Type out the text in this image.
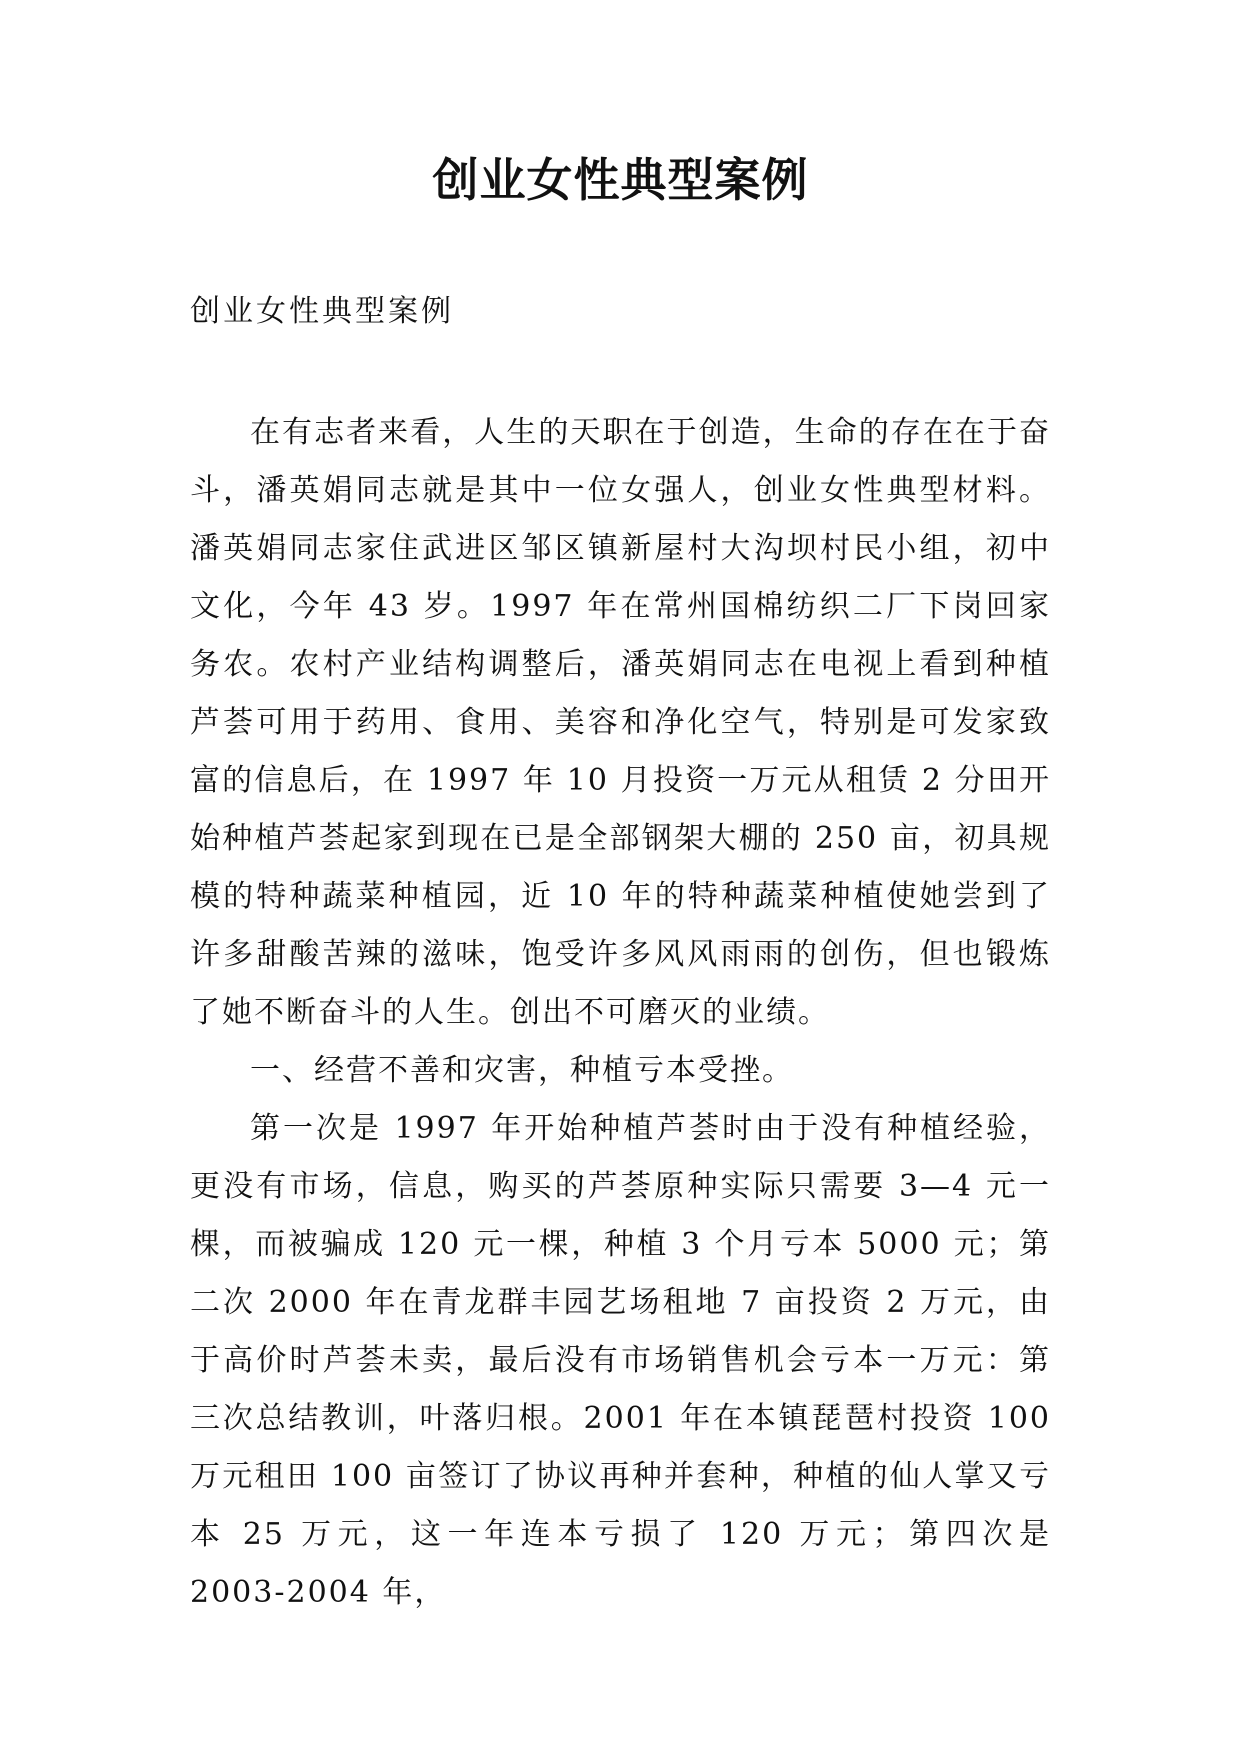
创业女性典型案例
创业女性典型案例

在有志者来看，人生的天职在于创造，生命的存在在于奋斗，潘英娟同志就是其中一位女强人，创业女性典型材料。潘英娟同志家住武进区邹区镇新屋村大沟坝村民小组，初中文化，今年 43 岁。1997 年在常州国棉纺织二厂下岗回家务农。农村产业结构调整后，潘英娟同志在电视上看到种植芦荟可用于药用、食用、美容和净化空气，特别是可发家致富的信息后，在 1997 年 10 月投资一万元从租赁 2 分田开始种植芦荟起家到现在已是全部钢架大棚的 250 亩，初具规模的特种蔬菜种植园，近 10 年的特种蔬菜种植使她尝到了许多甜酸苦辣的滋味，饱受许多风风雨雨的创伤，但也锻炼了她不断奋斗的人生。创出不可磨灭的业绩。

一、经营不善和灾害，种植亏本受挫。

第一次是 1997 年开始种植芦荟时由于没有种植经验，更没有市场，信息，购买的芦荟原种实际只需要 3—4 元一棵，而被骗成 120 元一棵，种植 3 个月亏本 5000 元；第二次 2000 年在青龙群丰园艺场租地 7 亩投资 2 万元，由于高价时芦荟未卖，最后没有市场销售机会亏本一万元：第三次总结教训，叶落归根。2001 年在本镇琵琶村投资 100 万元租田 100 亩签订了协议再种并套种，种植的仙人掌又亏本 25 万元，这一年连本亏损了 120 万元；第四次是 2003-2004 年，
